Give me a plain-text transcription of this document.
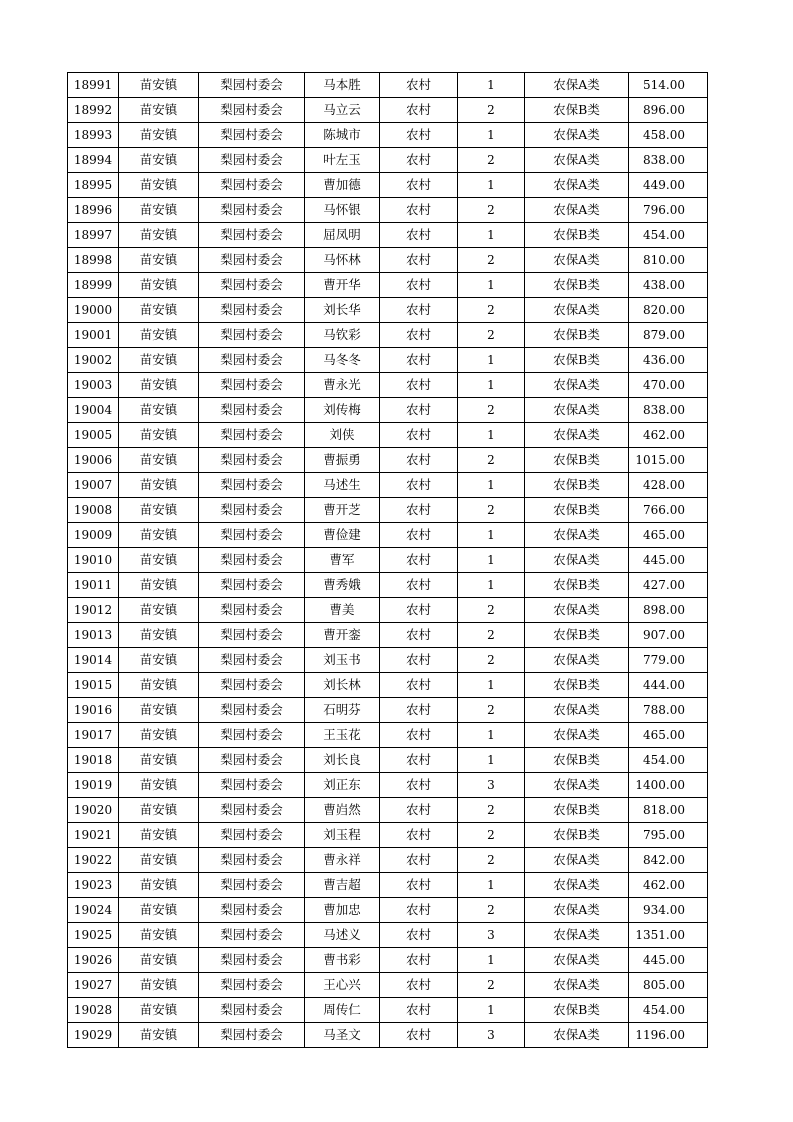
18991	苗安镇	梨园村委会	马本胜	农村	1	农保A类	514.00
18992	苗安镇	梨园村委会	马立云	农村	2	农保B类	896.00
18993	苗安镇	梨园村委会	陈城市	农村	1	农保A类	458.00
18994	苗安镇	梨园村委会	叶左玉	农村	2	农保A类	838.00
18995	苗安镇	梨园村委会	曹加德	农村	1	农保A类	449.00
18996	苗安镇	梨园村委会	马怀银	农村	2	农保A类	796.00
18997	苗安镇	梨园村委会	屈凤明	农村	1	农保B类	454.00
18998	苗安镇	梨园村委会	马怀林	农村	2	农保A类	810.00
18999	苗安镇	梨园村委会	曹开华	农村	1	农保B类	438.00
19000	苗安镇	梨园村委会	刘长华	农村	2	农保A类	820.00
19001	苗安镇	梨园村委会	马钦彩	农村	2	农保B类	879.00
19002	苗安镇	梨园村委会	马冬冬	农村	1	农保B类	436.00
19003	苗安镇	梨园村委会	曹永光	农村	1	农保A类	470.00
19004	苗安镇	梨园村委会	刘传梅	农村	2	农保A类	838.00
19005	苗安镇	梨园村委会	刘侠	农村	1	农保A类	462.00
19006	苗安镇	梨园村委会	曹振勇	农村	2	农保B类	1015.00
19007	苗安镇	梨园村委会	马述生	农村	1	农保B类	428.00
19008	苗安镇	梨园村委会	曹开芝	农村	2	农保B类	766.00
19009	苗安镇	梨园村委会	曹俭建	农村	1	农保A类	465.00
19010	苗安镇	梨园村委会	曹军	农村	1	农保A类	445.00
19011	苗安镇	梨园村委会	曹秀娥	农村	1	农保B类	427.00
19012	苗安镇	梨园村委会	曹美	农村	2	农保A类	898.00
19013	苗安镇	梨园村委会	曹开銮	农村	2	农保B类	907.00
19014	苗安镇	梨园村委会	刘玉书	农村	2	农保A类	779.00
19015	苗安镇	梨园村委会	刘长林	农村	1	农保B类	444.00
19016	苗安镇	梨园村委会	石明芬	农村	2	农保A类	788.00
19017	苗安镇	梨园村委会	王玉花	农村	1	农保A类	465.00
19018	苗安镇	梨园村委会	刘长良	农村	1	农保B类	454.00
19019	苗安镇	梨园村委会	刘正东	农村	3	农保A类	1400.00
19020	苗安镇	梨园村委会	曹岿然	农村	2	农保B类	818.00
19021	苗安镇	梨园村委会	刘玉程	农村	2	农保B类	795.00
19022	苗安镇	梨园村委会	曹永祥	农村	2	农保A类	842.00
19023	苗安镇	梨园村委会	曹吉超	农村	1	农保A类	462.00
19024	苗安镇	梨园村委会	曹加忠	农村	2	农保A类	934.00
19025	苗安镇	梨园村委会	马述义	农村	3	农保A类	1351.00
19026	苗安镇	梨园村委会	曹书彩	农村	1	农保A类	445.00
19027	苗安镇	梨园村委会	王心兴	农村	2	农保A类	805.00
19028	苗安镇	梨园村委会	周传仁	农村	1	农保B类	454.00
19029	苗安镇	梨园村委会	马圣文	农村	3	农保A类	1196.00
